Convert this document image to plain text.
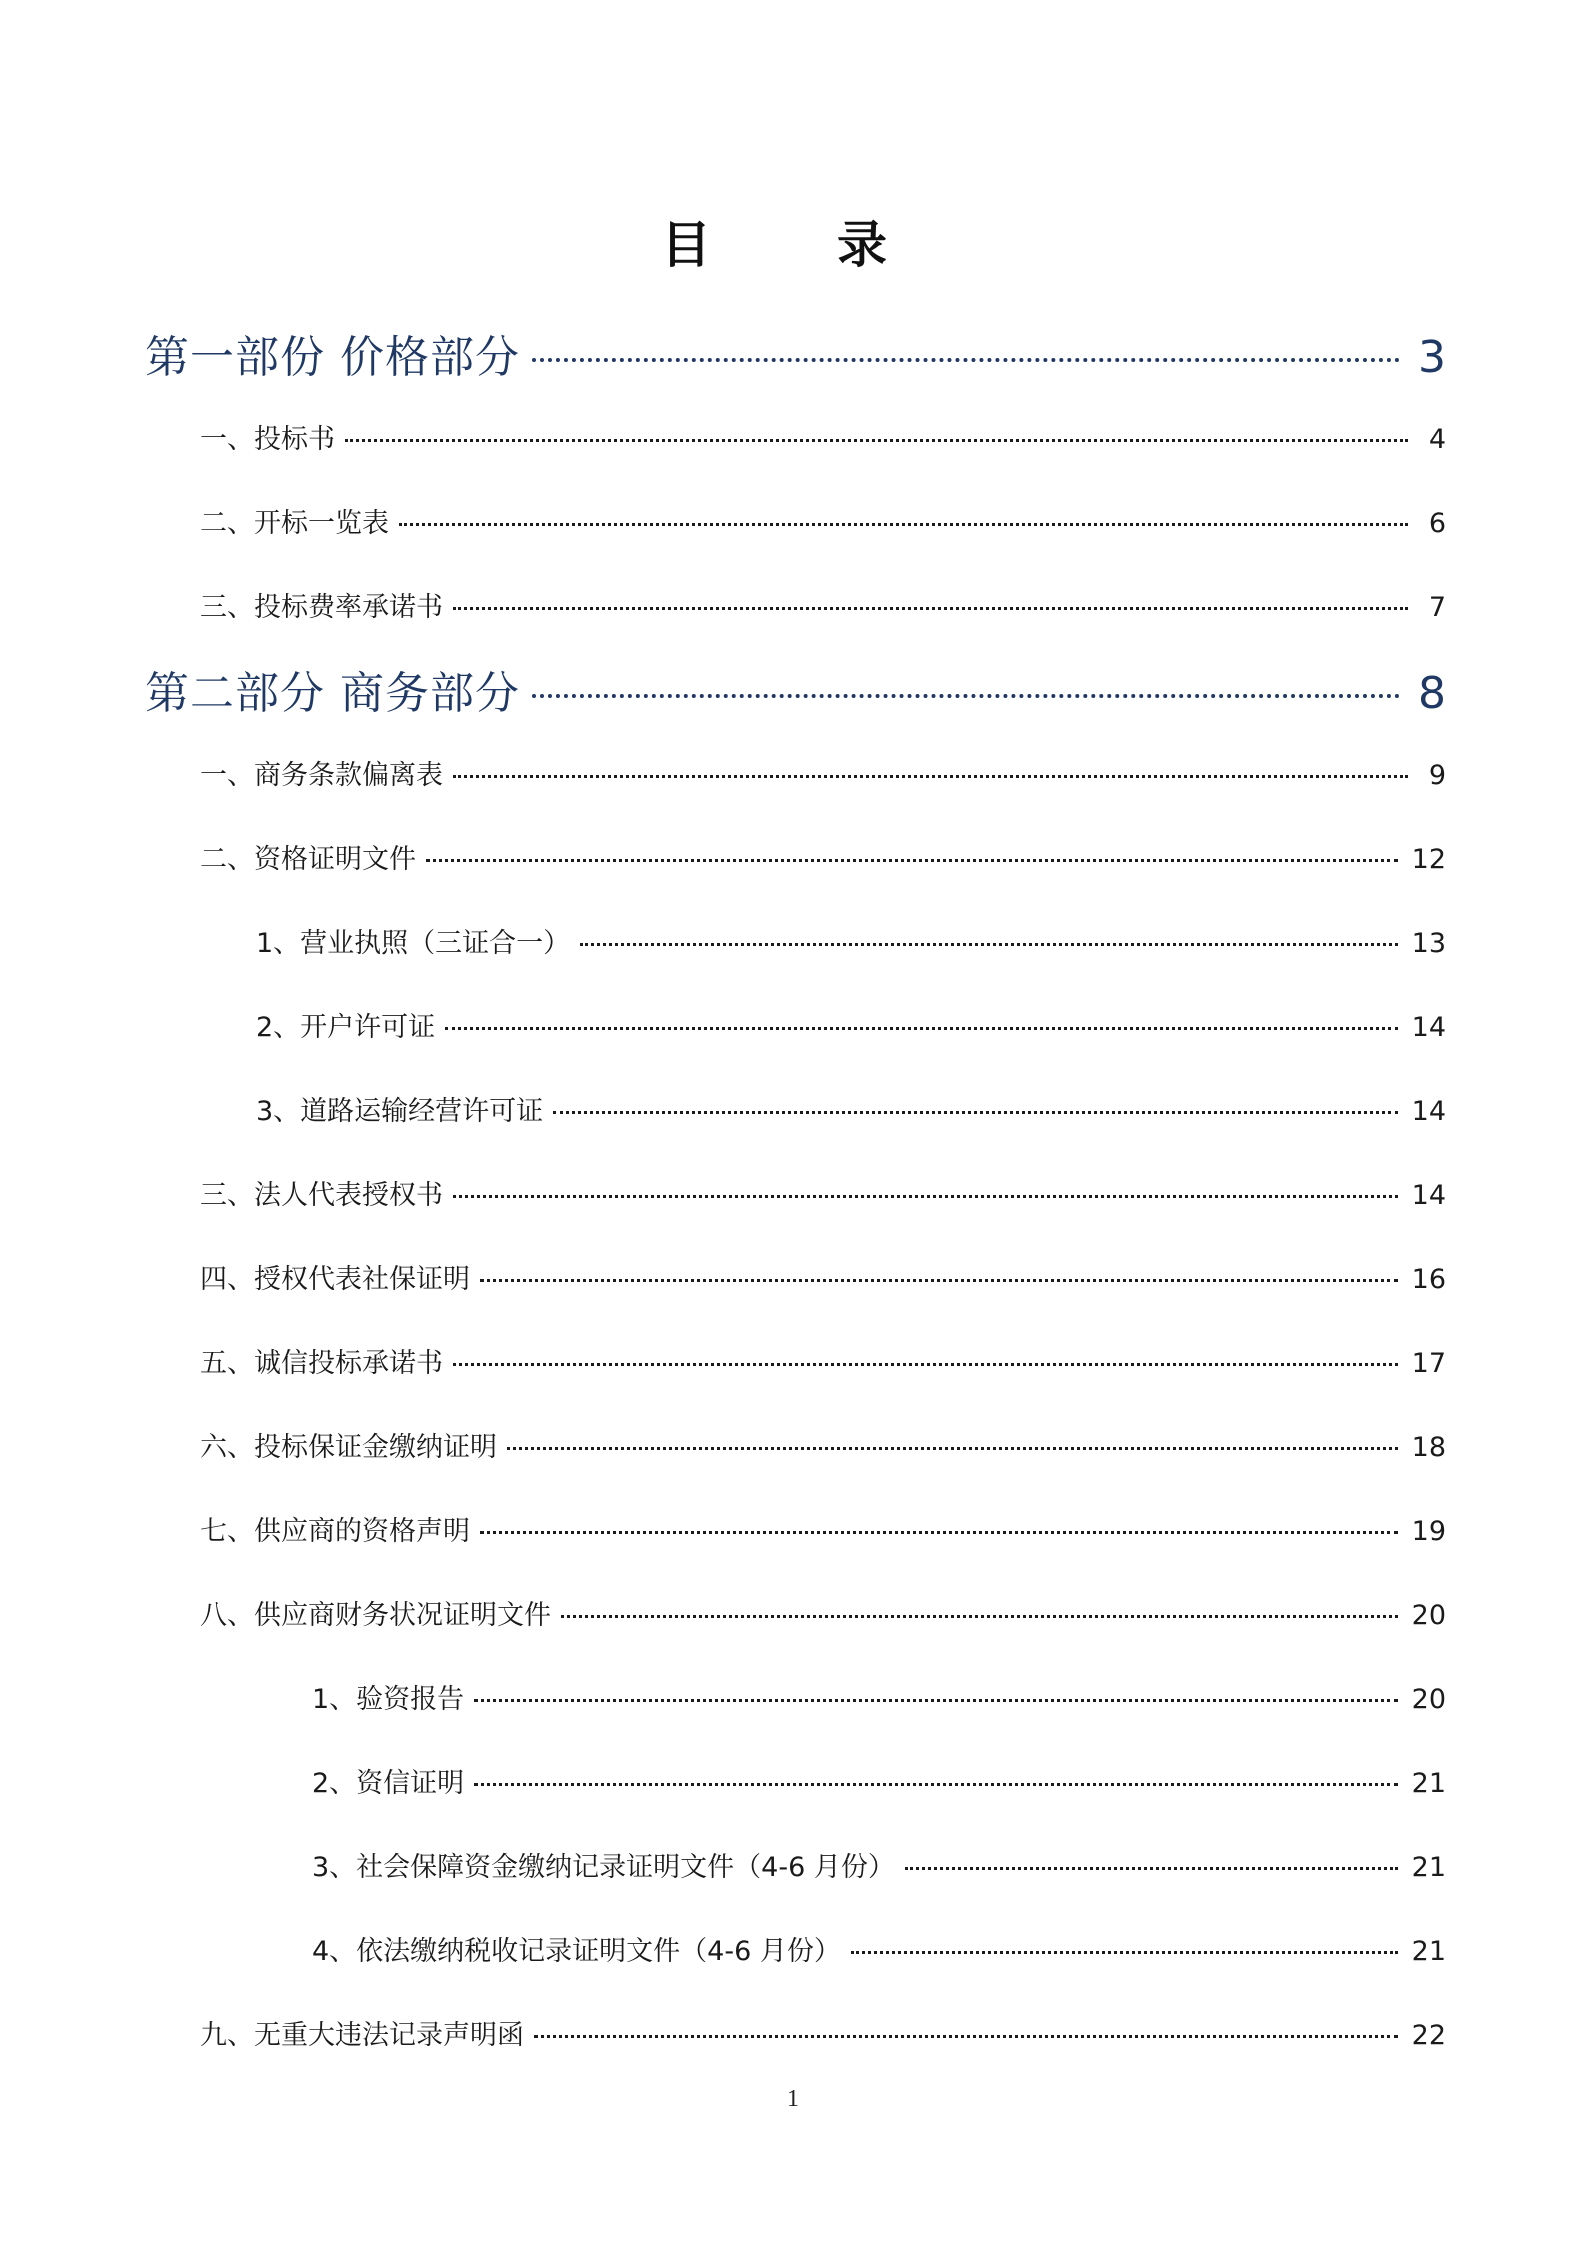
目　录
第一部份 价格部分	3
一、投标书	4
二、开标一览表	6
三、投标费率承诺书	7
第二部分 商务部分	8
一、商务条款偏离表	9
二、资格证明文件	12
1、营业执照（三证合一）	13
2、开户许可证	14
3、道路运输经营许可证	14
三、法人代表授权书	14
四、授权代表社保证明	16
五、诚信投标承诺书	17
六、投标保证金缴纳证明	18
七、供应商的资格声明	19
八、供应商财务状况证明文件	20
1、验资报告	20
2、资信证明	21
3、社会保障资金缴纳记录证明文件（4-6 月份）	21
4、依法缴纳税收记录证明文件（4-6 月份）	21
九、无重大违法记录声明函	22
1
